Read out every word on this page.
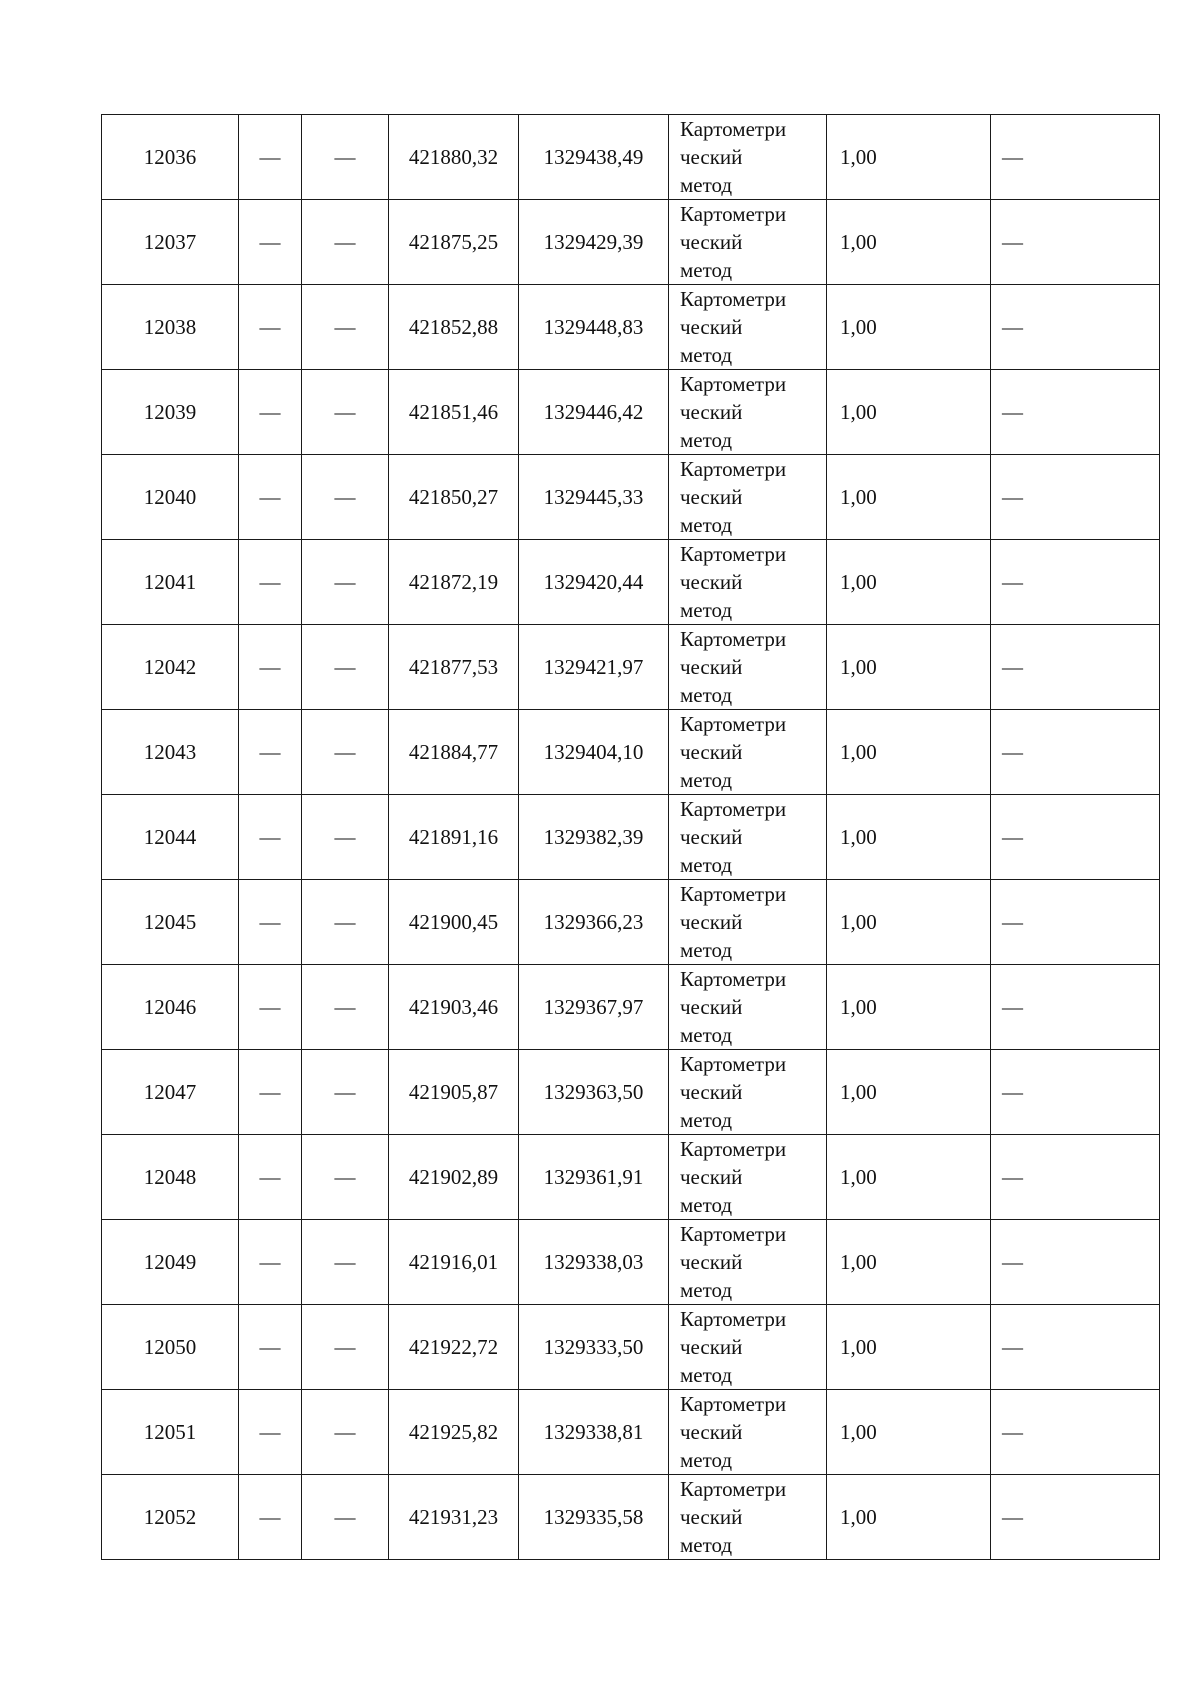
12036	—	—	421880,32	1329438,49	Картометри
ческий
метод	1,00	—
12037	—	—	421875,25	1329429,39	Картометри
ческий
метод	1,00	—
12038	—	—	421852,88	1329448,83	Картометри
ческий
метод	1,00	—
12039	—	—	421851,46	1329446,42	Картометри
ческий
метод	1,00	—
12040	—	—	421850,27	1329445,33	Картометри
ческий
метод	1,00	—
12041	—	—	421872,19	1329420,44	Картометри
ческий
метод	1,00	—
12042	—	—	421877,53	1329421,97	Картометри
ческий
метод	1,00	—
12043	—	—	421884,77	1329404,10	Картометри
ческий
метод	1,00	—
12044	—	—	421891,16	1329382,39	Картометри
ческий
метод	1,00	—
12045	—	—	421900,45	1329366,23	Картометри
ческий
метод	1,00	—
12046	—	—	421903,46	1329367,97	Картометри
ческий
метод	1,00	—
12047	—	—	421905,87	1329363,50	Картометри
ческий
метод	1,00	—
12048	—	—	421902,89	1329361,91	Картометри
ческий
метод	1,00	—
12049	—	—	421916,01	1329338,03	Картометри
ческий
метод	1,00	—
12050	—	—	421922,72	1329333,50	Картометри
ческий
метод	1,00	—
12051	—	—	421925,82	1329338,81	Картометри
ческий
метод	1,00	—
12052	—	—	421931,23	1329335,58	Картометри
ческий
метод	1,00	—
